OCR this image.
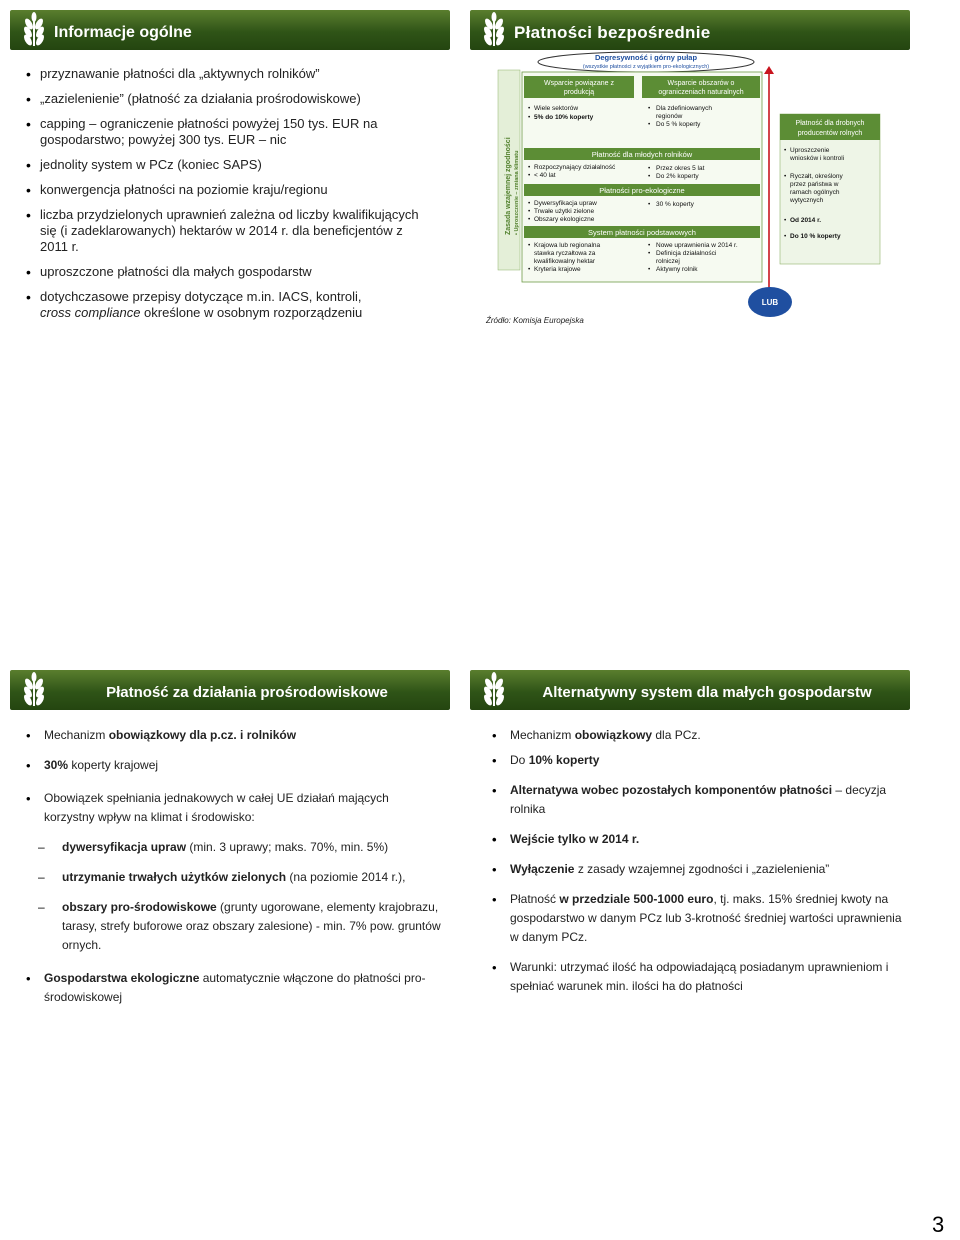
Informacje ogólne
• przyznawanie płatności dla „aktywnych rolników”
• „zazielenienie” (płatność za działania prośrodowiskowe)
• capping – ograniczenie płatności powyżej 150 tys. EUR na gospodarstwo; powyżej 300 tys. EUR – nic
• jednolity system w PCz (koniec SAPS)
• konwergencja płatności na poziomie kraju/regionu
• liczba przydzielonych uprawnień zależna od liczby kwalifikujących się (i zadeklarowanych) hektarów w 2014 r. dla beneficjentów z 2011 r.
• uproszczone płatności dla małych gospodarstw
• dotychczasowe przepisy dotyczące m.in. IACS, kontroli,
cross compliance określone w osobnym rozporządzeniu
Płatności bezpośrednie
Degresywność i górny pułap
(wszystkie płatności z wyjątkiem pro-ekologicznych)
Zasada wzajemnej zgodności • Uproszczenie – zmiana klimatu
Wsparcie powiązane z
produkcją
Wsparcie obszarów o
ograniczeniach naturalnych
• Wiele sektorów
• 5% do 10% koperty
• Dla zdefiniowanych
regionów
• Do 5 % koperty
Płatność dla młodych rolników
• Rozpoczynający działalność
• < 40 lat
• Przez okres 5 lat
• Do 2% koperty
Płatności pro-ekologiczne
• Dywersyfikacja upraw
• Trwałe użytki zielone
• Obszary ekologiczne
• 30 % koperty
System płatności podstawowych
• Krajowa lub regionalna
stawka ryczałtowa za
kwalifikowalny hektar
• Kryteria krajowe
• Nowe uprawnienia w 2014 r.
• Definicja działalności
rolniczej
• Aktywny rolnik
Płatność dla drobnych
producentów rolnych
• Uproszczenie
wniosków i kontroli
• Ryczałt, określony
przez państwa w
ramach ogólnych
wytycznych
• Od 2014 r.
• Do 10 % koperty
LUB
Źródło: Komisja Europejska
Płatność za działania prośrodowiskowe
• Mechanizm obowiązkowy dla p.cz. i rolników
• 30% koperty krajowej
• Obowiązek spełniania jednakowych w całej UE działań mających korzystny wpływ na klimat i środowisko:
– dywersyfikacja upraw (min. 3 uprawy; maks. 70%, min. 5%)
– utrzymanie trwałych użytków zielonych (na poziomie 2014 r.),
– obszary pro-środowiskowe (grunty ugorowane, elementy krajobrazu, tarasy, strefy buforowe oraz obszary zalesione) - min. 7% pow. gruntów ornych.
• Gospodarstwa ekologiczne automatycznie włączone do płatności pro-środowiskowej
Alternatywny system dla małych gospodarstw
• Mechanizm obowiązkowy dla PCz.
• Do 10% koperty
• Alternatywa wobec pozostałych komponentów płatności – decyzja rolnika
• Wejście tylko w 2014 r.
• Wyłączenie z zasady wzajemnej zgodności i „zazielenienia”
• Płatność w przedziale 500-1000 euro, tj. maks. 15% średniej kwoty na gospodarstwo w danym PCz lub 3-krotność średniej wartości uprawnienia w danym PCz.
• Warunki: utrzymać ilość ha odpowiadającą posiadanym uprawnieniom i spełniać warunek min. ilości ha do płatności
3
